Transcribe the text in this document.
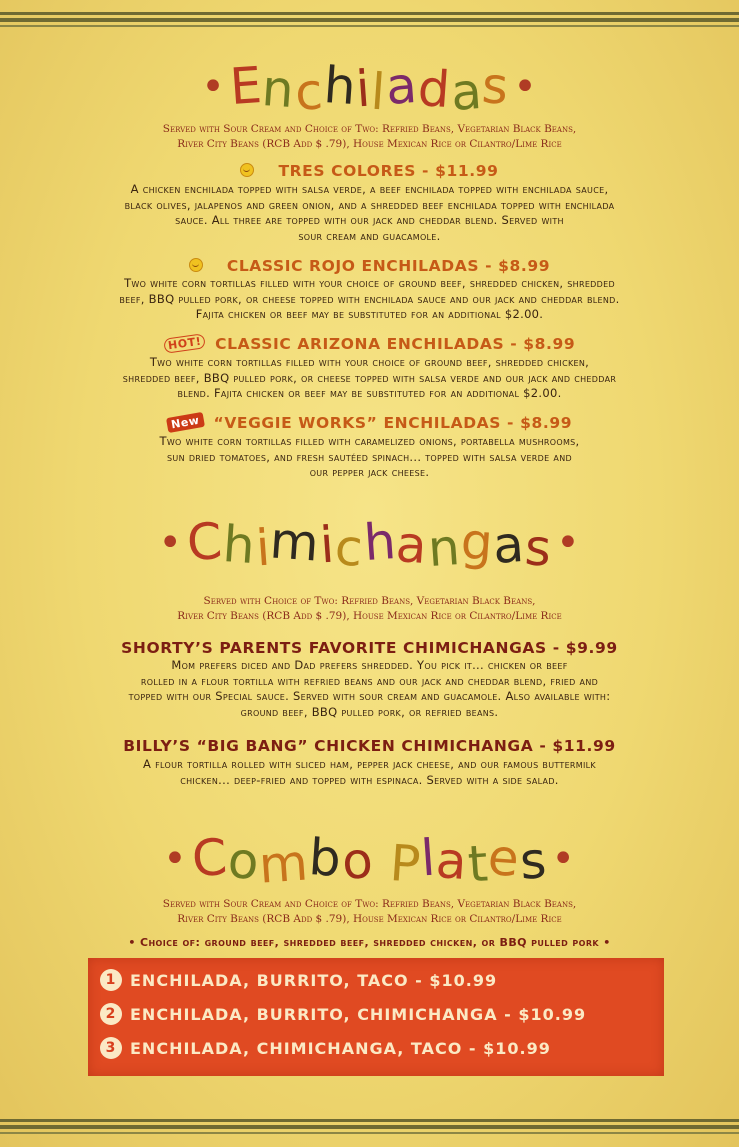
•Enchiladas•
Served with Sour Cream and Choice of Two: Refried Beans, Vegetarian Black Beans,
River City Beans (RCB Add $ .79), House Mexican Rice or Cilantro/Lime Rice
TRES COLORES - $11.99
A chicken enchilada topped with salsa verde, a beef enchilada topped with enchilada sauce,
black olives, jalapenos and green onion, and a shredded beef enchilada topped with enchilada
sauce. All three are topped with our jack and cheddar blend. Served with
sour cream and guacamole.
CLASSIC ROJO ENCHILADAS - $8.99
Two white corn tortillas filled with your choice of ground beef, shredded chicken, shredded
beef, BBQ pulled pork, or cheese topped with enchilada sauce and our jack and cheddar blend.
Fajita chicken or beef may be substituted for an additional $2.00.
HOT! CLASSIC ARIZONA ENCHILADAS - $8.99
Two white corn tortillas filled with your choice of ground beef, shredded chicken,
shredded beef, BBQ pulled pork, or cheese topped with salsa verde and our jack and cheddar
blend. Fajita chicken or beef may be substituted for an additional $2.00.
New “VEGGIE WORKS” ENCHILADAS - $8.99
Two white corn tortillas filled with caramelized onions, portabella mushrooms,
sun dried tomatoes, and fresh sautéed spinach... topped with salsa verde and
our pepper jack cheese.
•Chimichangas•
Served with Choice of Two: Refried Beans, Vegetarian Black Beans,
River City Beans (RCB Add $ .79), House Mexican Rice or Cilantro/Lime Rice
SHORTY’S PARENTS FAVORITE CHIMICHANGAS - $9.99
Mom prefers diced and Dad prefers shredded. You pick it... chicken or beef
rolled in a flour tortilla with refried beans and our jack and cheddar blend, fried and
topped with our Special sauce. Served with sour cream and guacamole. Also available with:
ground beef, BBQ pulled pork, or refried beans.
BILLY’S “BIG BANG” CHICKEN CHIMICHANGA - $11.99
A flour tortilla rolled with sliced ham, pepper jack cheese, and our famous buttermilk
chicken... deep-fried and topped with espinaca. Served with a side salad.
•Combo Plates•
Served with Sour Cream and Choice of Two: Refried Beans, Vegetarian Black Beans,
River City Beans (RCB Add $ .79), House Mexican Rice or Cilantro/Lime Rice
• Choice of: ground beef, shredded beef, shredded chicken, or BBQ pulled pork •
1 ENCHILADA, BURRITO, TACO - $10.99
2 ENCHILADA, BURRITO, CHIMICHANGA - $10.99
3 ENCHILADA, CHIMICHANGA, TACO - $10.99
